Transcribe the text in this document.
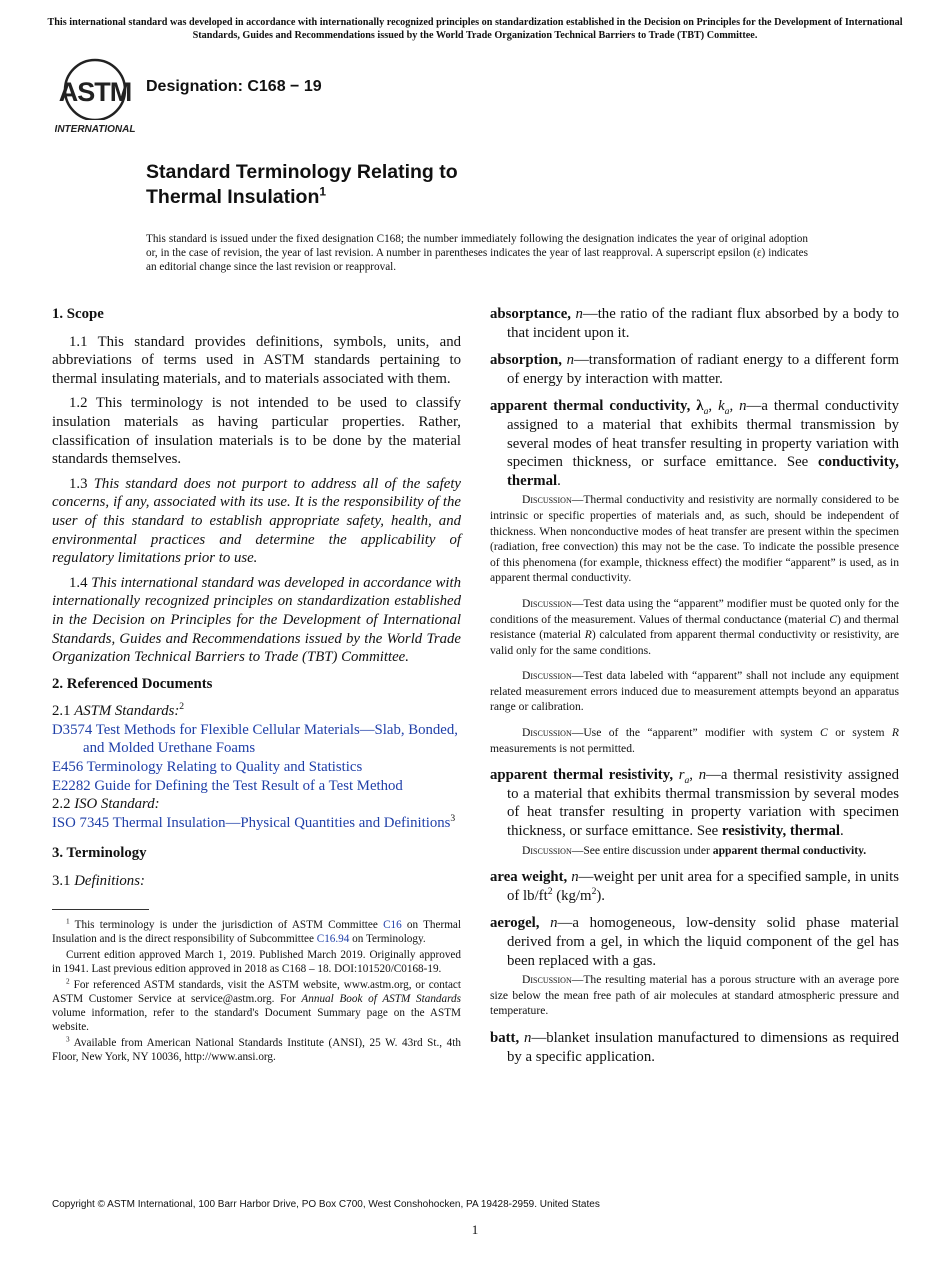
This international standard was developed in accordance with internationally recognized principles on standardization established in the Decision on Principles for the Development of International Standards, Guides and Recommendations issued by the World Trade Organization Technical Barriers to Trade (TBT) Committee.
ASTM
INTERNATIONAL
Designation: C168 − 19
Standard Terminology Relating to
Thermal Insulation$^1$
This standard is issued under the fixed designation C168; the number immediately following the designation indicates the year of original adoption or, in the case of revision, the year of last revision. A number in parentheses indicates the year of last reapproval. A superscript epsilon (ε) indicates an editorial change since the last revision or reapproval.

1. Scope

1.1 This standard provides definitions, symbols, units, and abbreviations of terms used in ASTM standards pertaining to thermal insulating materials, and to materials associated with them.

1.2 This terminology is not intended to be used to classify insulation materials as having particular properties. Rather, classification of insulation materials is to be done by the material standards themselves.

1.3 This standard does not purport to address all of the safety concerns, if any, associated with its use. It is the responsibility of the user of this standard to establish appropriate safety, health, and environmental practices and determine the applicability of regulatory limitations prior to use.

1.4 This international standard was developed in accordance with internationally recognized principles on standardization established in the Decision on Principles for the Development of International Standards, Guides and Recommendations issued by the World Trade Organization Technical Barriers to Trade (TBT) Committee.

2. Referenced Documents

2.1 ASTM Standards:$^2$

D3574 Test Methods for Flexible Cellular Materials—Slab, Bonded, and Molded Urethane Foams

E456 Terminology Relating to Quality and Statistics

E2282 Guide for Defining the Test Result of a Test Method

2.2 ISO Standard:

ISO 7345 Thermal Insulation—Physical Quantities and Definitions$^3$

3. Terminology

3.1 Definitions:

$^1$ This terminology is under the jurisdiction of ASTM Committee C16 on Thermal Insulation and is the direct responsibility of Subcommittee C16.94 on Terminology.

Current edition approved March 1, 2019. Published March 2019. Originally approved in 1941. Last previous edition approved in 2018 as C168 – 18. DOI:101520/C0168-19.

$^2$ For referenced ASTM standards, visit the ASTM website, www.astm.org, or contact ASTM Customer Service at service@astm.org. For Annual Book of ASTM Standards volume information, refer to the standard's Document Summary page on the ASTM website.

$^3$ Available from American National Standards Institute (ANSI), 25 W. 43rd St., 4th Floor, New York, NY 10036, http://www.ansi.org.

absorptance, n—the ratio of the radiant flux absorbed by a body to that incident upon it.

absorption, n—transformation of radiant energy to a different form of energy by interaction with matter.

apparent thermal conductivity, $\lambda_a$, $k_a$, n—a thermal conductivity assigned to a material that exhibits thermal transmission by several modes of heat transfer resulting in property variation with specimen thickness, or surface emittance. See conductivity, thermal.

Discussion—Thermal conductivity and resistivity are normally considered to be intrinsic or specific properties of materials and, as such, should be independent of thickness. When nonconductive modes of heat transfer are present within the specimen (radiation, free convection) this may not be the case. To indicate the possible presence of this phenomena (for example, thickness effect) the modifier “apparent” is used, as in apparent thermal conductivity.

Discussion—Test data using the “apparent” modifier must be quoted only for the conditions of the measurement. Values of thermal conductance (material C) and thermal resistance (material R) calculated from apparent thermal conductivity or resistivity, are valid only for the same conditions.

Discussion—Test data labeled with “apparent” shall not include any equipment related measurement errors induced due to measurement attempts beyond an apparatus range or calibration.

Discussion—Use of the “apparent” modifier with system C or system R measurements is not permitted.

apparent thermal resistivity, $r_a$, n—a thermal resistivity assigned to a material that exhibits thermal transmission by several modes of heat transfer resulting in property variation with specimen thickness, or surface emittance. See resistivity, thermal.

Discussion—See entire discussion under apparent thermal conductivity.

area weight, n—weight per unit area for a specified sample, in units of $lb/ft^2$ $(kg/m^2)$.

aerogel, n—a homogeneous, low-density solid phase material derived from a gel, in which the liquid component of the gel has been replaced with a gas.

Discussion—The resulting material has a porous structure with an average pore size below the mean free path of air molecules at standard atmospheric pressure and temperature.

batt, n—blanket insulation manufactured to dimensions as required by a specific application.

Copyright © ASTM International, 100 Barr Harbor Drive, PO Box C700, West Conshohocken, PA 19428-2959. United States
1
